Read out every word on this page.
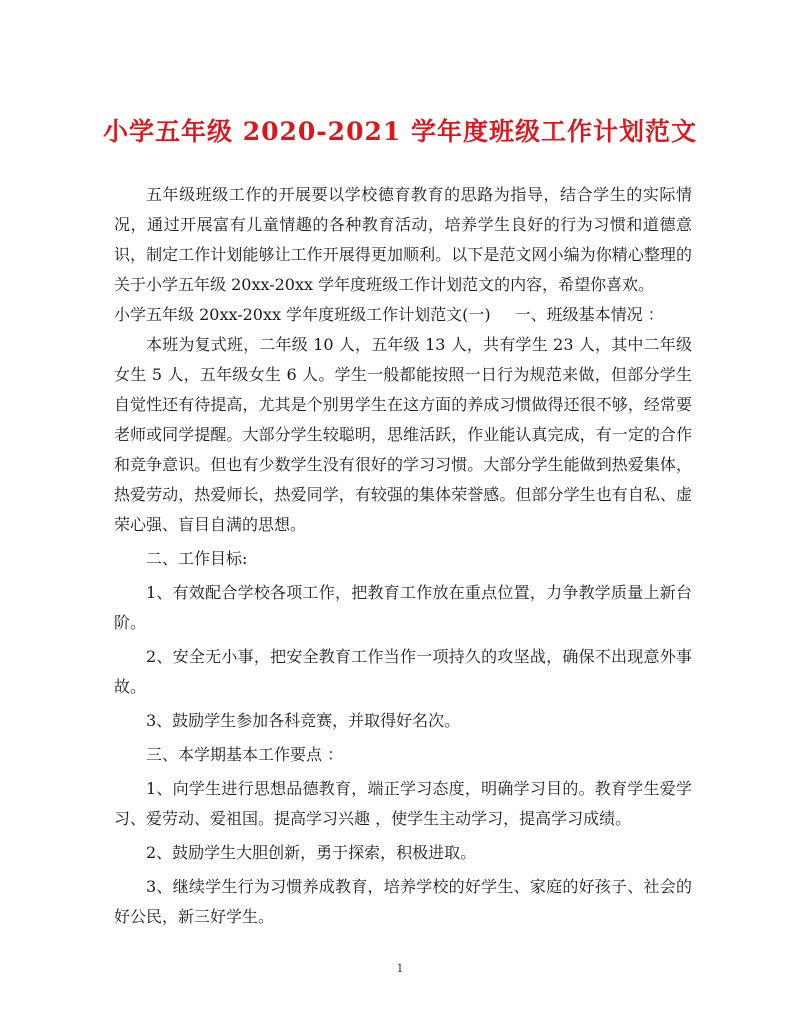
小学五年级 2020-2021 学年度班级工作计划范文

五年级班级工作的开展要以学校德育教育的思路为指导，结合学生的实际情况，通过开展富有儿童情趣的各种教育活动，培养学生良好的行为习惯和道德意识，制定工作计划能够让工作开展得更加顺利。以下是范文网小编为你精心整理的关于小学五年级 20xx-20xx 学年度班级工作计划范文的内容，希望你喜欢。

小学五年级 20xx-20xx 学年度班级工作计划范文(一) 一、班级基本情况 ：

本班为复式班，二年级 10 人，五年级 13 人，共有学生 23 人，其中二年级女生 5 人，五年级女生 6 人。学生一般都能按照一日行为规范来做，但部分学生自觉性还有待提高，尤其是个别男学生在这方面的养成习惯做得还很不够，经常要老师或同学提醒。大部分学生较聪明，思维活跃，作业能认真完成，有一定的合作和竞争意识。但也有少数学生没有很好的学习习惯。大部分学生能做到热爱集体，热爱劳动，热爱师长，热爱同学，有较强的集体荣誉感。但部分学生也有自私、虚荣心强、盲目自满的思想。

二、工作目标:

1、有效配合学校各项工作，把教育工作放在重点位置，力争教学质量上新台阶。

2、安全无小事，把安全教育工作当作一项持久的攻坚战，确保不出现意外事故。

3、鼓励学生参加各科竞赛，并取得好名次。

三、本学期基本工作要点 ：

1、向学生进行思想品德教育，端正学习态度，明确学习目的。教育学生爱学习、爱劳动、爱祖国。提高学习兴趣 ，使学生主动学习，提高学习成绩。

2、鼓励学生大胆创新，勇于探索，积极进取。

3、继续学生行为习惯养成教育，培养学校的好学生、家庭的好孩子、社会的好公民，新三好学生。

1
